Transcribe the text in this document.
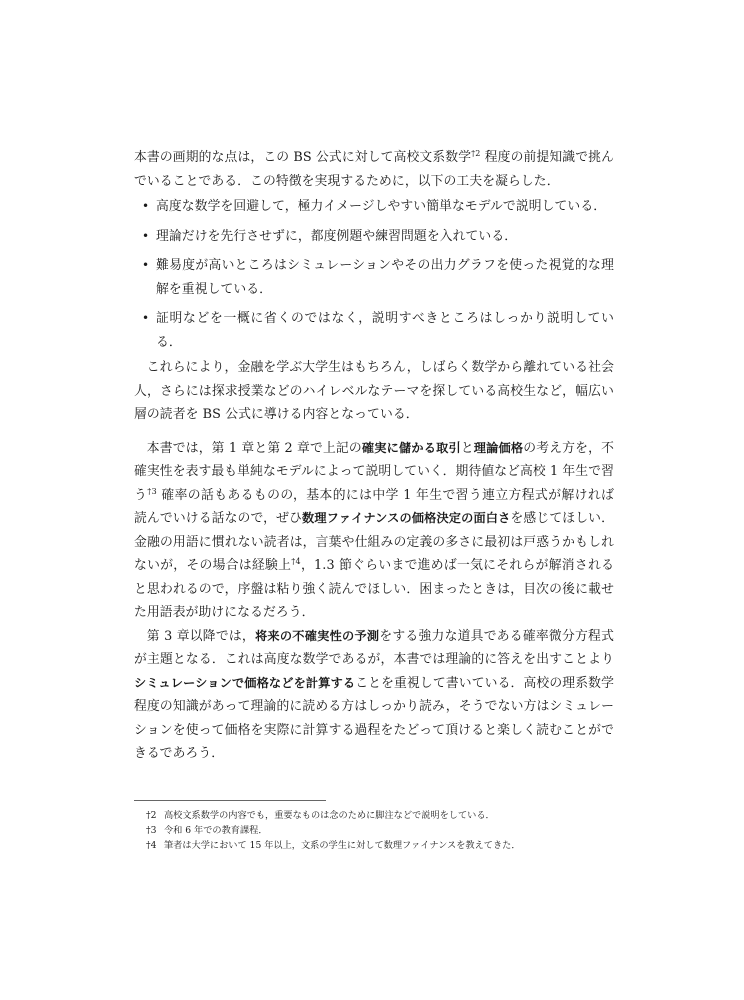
本書の画期的な点は，この BS 公式に対して高校文系数学$^{\dagger 2}$ 程度の前提知識で挑んでいることである．この特徴を実現するために，以下の工夫を凝らした．

• 高度な数学を回避して，極力イメージしやすい簡単なモデルで説明している．
• 理論だけを先行させずに，都度例題や練習問題を入れている．
• 難易度が高いところはシミュレーションやその出力グラフを使った視覚的な理解を重視している．
• 証明などを一概に省くのではなく，説明すべきところはしっかり説明している．

これらにより，金融を学ぶ大学生はもちろん，しばらく数学から離れている社会人，さらには探求授業などのハイレベルなテーマを探している高校生など，幅広い層の読者を BS 公式に導ける内容となっている．

本書では，第 1 章と第 2 章で上記の確実に儲かる取引と理論価格の考え方を，不確実性を表す最も単純なモデルによって説明していく．期待値など高校 1 年生で習う$^{\dagger 3}$ 確率の話もあるものの，基本的には中学 1 年生で習う連立方程式が解ければ読んでいける話なので，ぜひ数理ファイナンスの価格決定の面白さを感じてほしい．金融の用語に慣れない読者は，言葉や仕組みの定義の多さに最初は戸惑うかもしれないが，その場合は経験上$^{\dagger 4}$，1.3 節ぐらいまで進めば一気にそれらが解消されると思われるので，序盤は粘り強く読んでほしい．困まったときは，目次の後に載せた用語表が助けになるだろう．

第 3 章以降では，将来の不確実性の予測をする強力な道具である確率微分方程式が主題となる．これは高度な数学であるが，本書では理論的に答えを出すことよりシミュレーションで価格などを計算することを重視して書いている．高校の理系数学程度の知識があって理論的に読める方はしっかり読み，そうでない方はシミュレーションを使って価格を実際に計算する過程をたどって頂けると楽しく読むことができるであろう．

†2 高校文系数学の内容でも，重要なものは念のために脚注などで説明をしている．
†3 令和 6 年での教育課程．
†4 筆者は大学において 15 年以上，文系の学生に対して数理ファイナンスを教えてきた．
